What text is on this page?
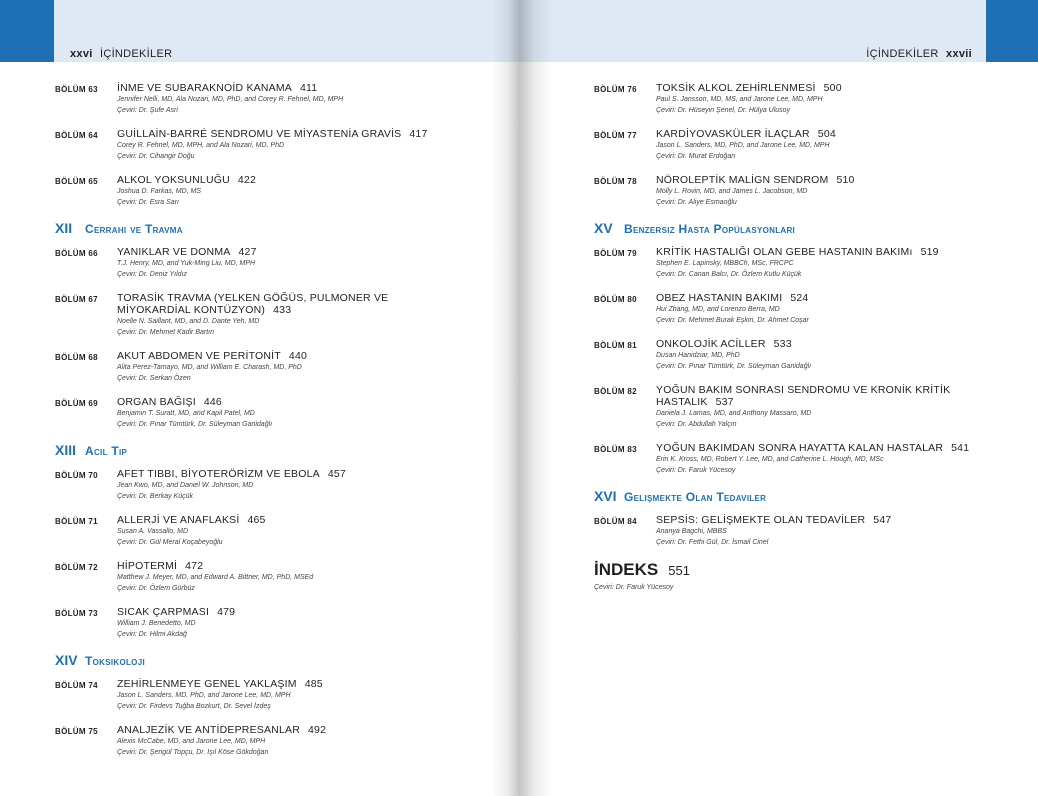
xxvi İÇİNDEKİLER
BÖLÜM 63	İNME VE SUBARAKNOİD KANAMA 411
Jennifer Nelli, MD, Ala Nozari, MD, PhD, and Corey R. Fehnel, MD, MPH
Çeviri: Dr. Şufe Asri
BÖLÜM 64	GUİLLAİN-BARRÉ SENDROMU VE MİYASTENİA GRAVİS 417
Corey R. Fehnel, MD, MPH, and Ala Nozari, MD, PhD
Çeviri: Dr. Cihangir Doğu
BÖLÜM 65	ALKOL YOKSUNLUĞU 422
Joshua D. Farkas, MD, MS
Çeviri: Dr. Esra Sarı
XII	Cerrahi ve Travma
BÖLÜM 66	YANIKLAR VE DONMA 427
T.J. Henry, MD, and Yuk-Ming Liu, MD, MPH
Çeviri: Dr. Deniz Yıldız
BÖLÜM 67	TORASİK TRAVMA (YELKEN GÖĞÜS, PULMONER VE MİYOKARDİAL KONTÜZYON) 433
Noelle N. Saillant, MD, and D. Dante Yeh, MD
Çeviri: Dr. Mehmet Kadir Bartın
BÖLÜM 68	AKUT ABDOMEN VE PERİTONİT 440
Alita Perez-Tamayo, MD, and William E. Charash, MD, PhD
Çeviri: Dr. Serkan Özen
BÖLÜM 69	ORGAN BAĞIŞI 446
Benjamin T. Suratt, MD, and Kapil Patel, MD
Çeviri: Dr. Pınar Tümtürk, Dr. Süleyman Ganidağlı
XIII Acil Tıp
BÖLÜM 70	AFET TIBBI, BİYOTERÖRİZM VE EBOLA 457
Jean Kwo, MD, and Daniel W. Johnson, MD
Çeviri: Dr. Berkay Küçük
BÖLÜM 71	ALLERJİ VE ANAFLAKSİ 465
Susan A. Vassallo, MD
Çeviri: Dr. Gül Meral Koçabeyoğlu
BÖLÜM 72	HİPOTERMİ 472
Matthew J. Meyer, MD, and Edward A. Bittner, MD, PhD, MSEd
Çeviri: Dr. Özlem Gürbüz
BÖLÜM 73	SICAK ÇARPMASI 479
William J. Benedetto, MD
Çeviri: Dr. Hilmi Akdağ
XIV Toksikoloji
BÖLÜM 74	ZEHİRLENMEYE GENEL YAKLAŞIM 485
Jason L. Sanders, MD, PhD, and Jarone Lee, MD, MPH
Çeviri: Dr. Firdevs Tuğba Bozkurt, Dr. Sevel İzdeş
BÖLÜM 75	ANALJEZİK VE ANTİDEPRESANLAR 492
Alexis McCabe, MD, and Jarone Lee, MD, MPH
Çeviri: Dr. Şengül Topçu, Dr. Işıl Köse Gökdoğan
İÇİNDEKİLER xxvii
BÖLÜM 76	TOKSİK ALKOL ZEHİRLENMESİ 500
Paul S. Jansson, MD, MS, and Jarone Lee, MD, MPH
Çeviri: Dr. Hüseyin Şenel, Dr. Hülya Ulusoy
BÖLÜM 77	KARDİYOVASKÜLER İLAÇLAR 504
Jason L. Sanders, MD, PhD, and Jarone Lee, MD, MPH
Çeviri: Dr. Murat Erdoğan
BÖLÜM 78	NÖROLEPTİK MALİGN SENDROM 510
Molly L. Rovin, MD, and James L. Jacobson, MD
Çeviri: Dr. Aliye Esmaoğlu
XV Benzersiz Hasta Popülasyonları
BÖLÜM 79	KRİTİK HASTALIĞI OLAN GEBE HASTANIN BAKIMı 519
Stephen E. Lapinsky, MBBCh, MSc, FRCPC
Çeviri: Dr. Canan Balcı, Dr. Özlem Kutlu Küçük
BÖLÜM 80	OBEZ HASTANIN BAKIMI 524
Hui Zhang, MD, and Lorenzo Berra, MD
Çeviri: Dr. Mehmet Burak Eşkin, Dr. Ahmet Coşar
BÖLÜM 81	ONKOLOJİK ACİLLER 533
Dusan Hanidziar, MD, PhD
Çeviri: Dr. Pınar Tümtürk, Dr. Süleyman Ganidağlı
BÖLÜM 82	YOĞUN BAKIM SONRASI SENDROMU VE KRONİK KRİTİK HASTALIK 537
Daniela J. Lamas, MD, and Anthony Massaro, MD
Çeviri: Dr. Abdullah Yalçın
BÖLÜM 83	YOĞUN BAKIMDAN SONRA HAYATTA KALAN HASTALAR 541
Erin K. Kross, MD, Robert Y. Lee, MD, and Catherine L. Hough, MD, MSc
Çeviri: Dr. Faruk Yücesoy
XVI Gelişmekte Olan Tedaviler
BÖLÜM 84	SEPSİS: GELİŞMEKTE OLAN TEDAVİLER 547
Ananya Bagchi, MBBS
Çeviri: Dr. Fethi Gül, Dr. İsmail Cinel
İNDEKS 551
Çeviri: Dr. Faruk Yücesoy
